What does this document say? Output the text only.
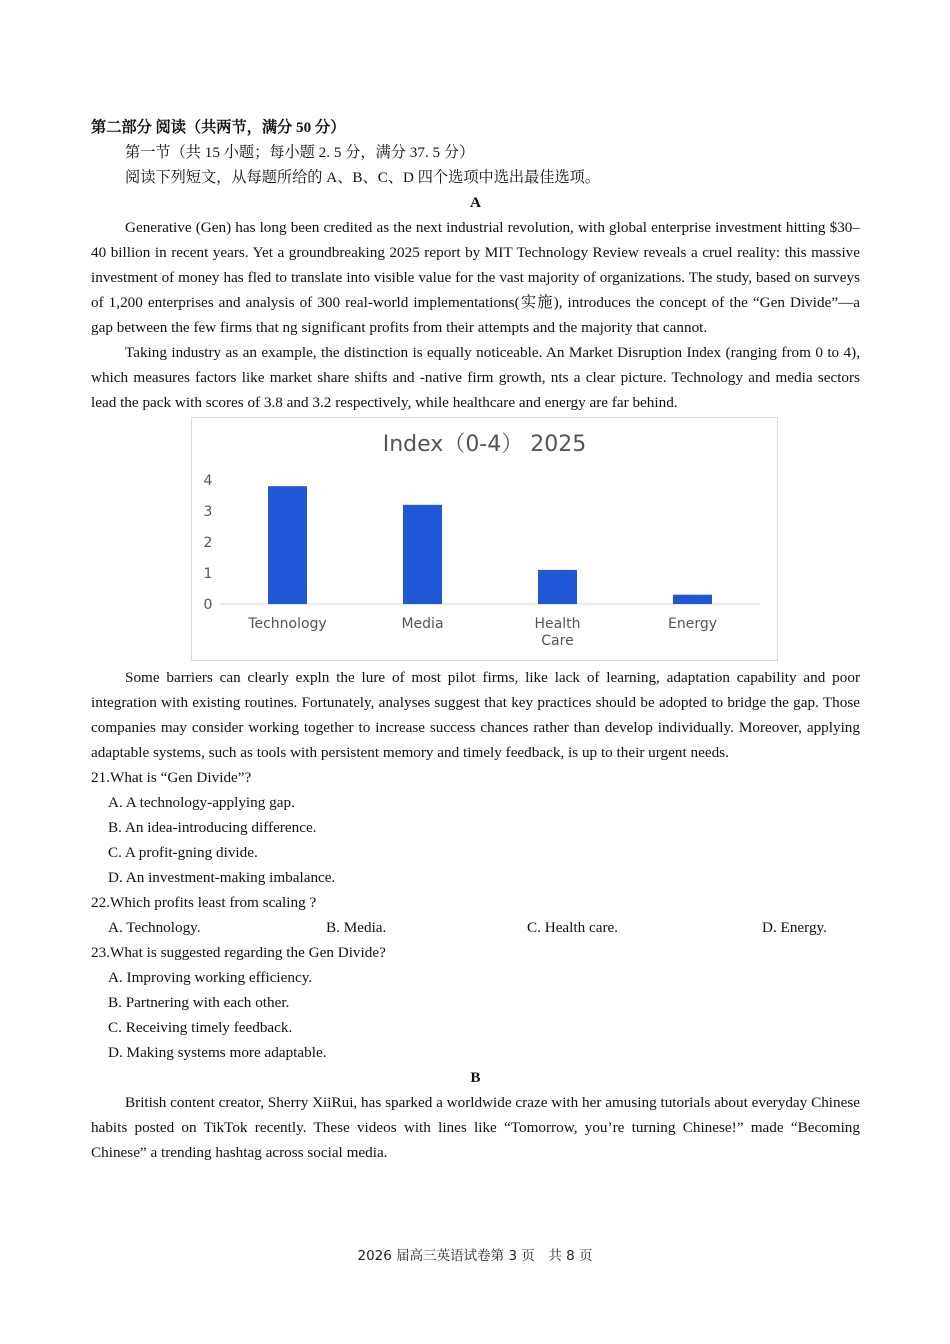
第二部分 阅读（共两节，满分 50 分）
第一节（共 15 小题；每小题 2. 5 分，满分 37. 5 分）
阅读下列短文，从每题所给的 A、B、C、D 四个选项中选出最佳选项。
A

Generative (Gen) has long been credited as the next industrial revolution, with global enterprise investment hitting $30–40 billion in recent years. Yet a groundbreaking 2025 report by MIT Technology Review reveals a cruel reality: this massive investment of money has fled to translate into visible value for the vast majority of organizations. The study, based on surveys of 1,200 enterprises and analysis of 300 real-world implementations(实施), introduces the concept of the “Gen Divide”—a gap between the few firms that ng significant profits from their attempts and the majority that cannot.

Taking industry as an example, the distinction is equally noticeable. An Market Disruption Index (ranging from 0 to 4), which measures factors like market share shifts and -native firm growth, nts a clear picture. Technology and media sectors lead the pack with scores of 3.8 and 3.2 respectively, while healthcare and energy are far behind.

Index（0-4） 2025
0
1
2
3
4
Technology	Media	Health
Care
Energy

Some barriers can clearly expln the lure of most pilot firms, like lack of learning, adaptation capability and poor integration with existing routines. Fortunately, analyses suggest that key practices should be adopted to bridge the gap. Those companies may consider working together to increase success chances rather than develop individually. Moreover, applying adaptable systems, such as tools with persistent memory and timely feedback, is up to their urgent needs.

21.What is “Gen Divide”?
A. A technology-applying gap.
B. An idea-introducing difference.
C. A profit-gning divide.
D. An investment-making imbalance.
22.Which profits least from scaling ?
A. Technology.	B. Media.	C. Health care.	D. Energy.
23.What is suggested regarding the Gen Divide?
A. Improving working efficiency.
B. Partnering with each other.
C. Receiving timely feedback.
D. Making systems more adaptable.
B

British content creator, Sherry XiiRui, has sparked a worldwide craze with her amusing tutorials about everyday Chinese habits posted on TikTok recently. These videos with lines like “Tomorrow, you’re turning Chinese!” made “Becoming Chinese” a trending hashtag across social media.

2026 届高三英语试卷第 3 页　共 8 页
